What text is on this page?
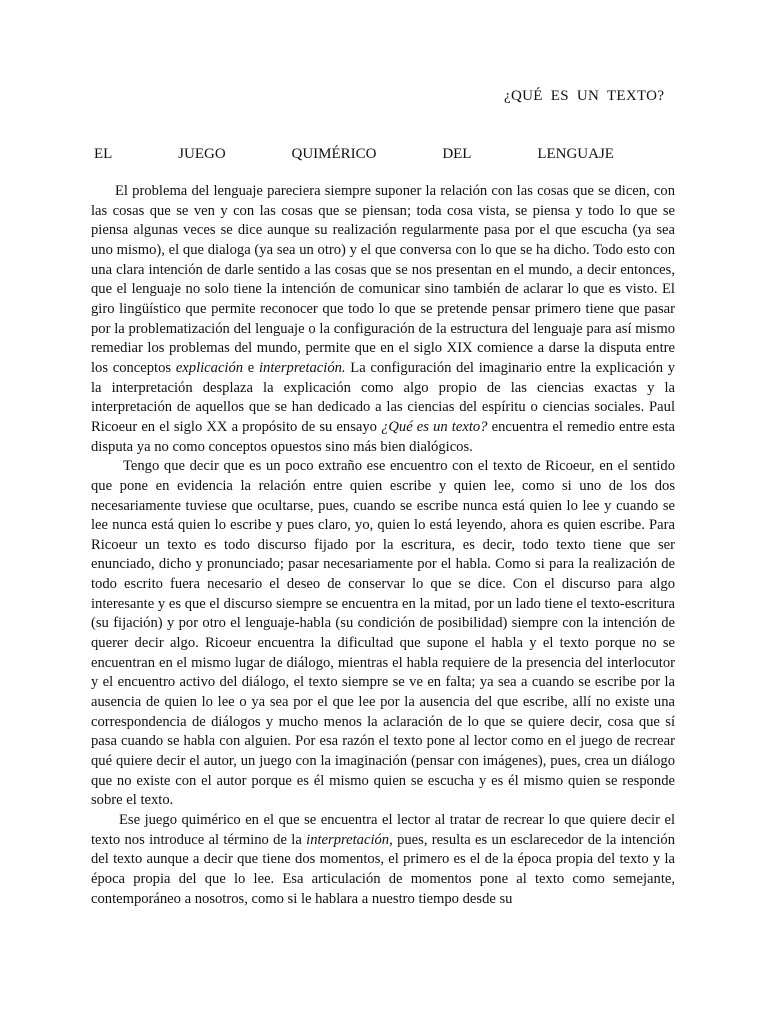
¿QUÉ ES UN TEXTO?
EL	JUEGO	QUIMÉRICO	DEL	LENGUAJE

El problema del lenguaje pareciera siempre suponer la relación con las cosas que se dicen, con las cosas que se ven y con las cosas que se piensan; toda cosa vista, se piensa y todo lo que se piensa algunas veces se dice aunque su realización regularmente pasa por el que escucha (ya sea uno mismo), el que dialoga (ya sea un otro) y el que conversa con lo que se ha dicho. Todo esto con una clara intención de darle sentido a las cosas que se nos presentan en el mundo, a decir entonces, que el lenguaje no solo tiene la intención de comunicar sino también de aclarar lo que es visto. El giro lingüístico que permite reconocer que todo lo que se pretende pensar primero tiene que pasar por la problematización del lenguaje o la configuración de la estructura del lenguaje para así mismo remediar los problemas del mundo, permite que en el siglo XIX comience a darse la disputa entre los conceptos explicación e interpretación. La configuración del imaginario entre la explicación y la interpretación desplaza la explicación como algo propio de las ciencias exactas y la interpretación de aquellos que se han dedicado a las ciencias del espíritu o ciencias sociales. Paul Ricoeur en el siglo XX a propósito de su ensayo ¿Qué es un texto? encuentra el remedio entre esta disputa ya no como conceptos opuestos sino más bien dialógicos.

Tengo que decir que es un poco extraño ese encuentro con el texto de Ricoeur, en el sentido que pone en evidencia la relación entre quien escribe y quien lee, como si uno de los dos necesariamente tuviese que ocultarse, pues, cuando se escribe nunca está quien lo lee y cuando se lee nunca está quien lo escribe y pues claro, yo, quien lo está leyendo, ahora es quien escribe. Para Ricoeur un texto es todo discurso fijado por la escritura, es decir, todo texto tiene que ser enunciado, dicho y pronunciado; pasar necesariamente por el habla. Como si para la realización de todo escrito fuera necesario el deseo de conservar lo que se dice. Con el discurso para algo interesante y es que el discurso siempre se encuentra en la mitad, por un lado tiene el texto-escritura (su fijación) y por otro el lenguaje-habla (su condición de posibilidad) siempre con la intención de querer decir algo. Ricoeur encuentra la dificultad que supone el habla y el texto porque no se encuentran en el mismo lugar de diálogo, mientras el habla requiere de la presencia del interlocutor y el encuentro activo del diálogo, el texto siempre se ve en falta; ya sea a cuando se escribe por la ausencia de quien lo lee o ya sea por el que lee por la ausencia del que escribe, allí no existe una correspondencia de diálogos y mucho menos la aclaración de lo que se quiere decir, cosa que sí pasa cuando se habla con alguien. Por esa razón el texto pone al lector como en el juego de recrear qué quiere decir el autor, un juego con la imaginación (pensar con imágenes), pues, crea un diálogo que no existe con el autor porque es él mismo quien se escucha y es él mismo quien se responde sobre el texto.

Ese juego quimérico en el que se encuentra el lector al tratar de recrear lo que quiere decir el texto nos introduce al término de la interpretación, pues, resulta es un esclarecedor de la intención del texto aunque a decir que tiene dos momentos, el primero es el de la época propia del texto y la época propia del que lo lee. Esa articulación de momentos pone al texto como semejante, contemporáneo a nosotros, como si le hablara a nuestro tiempo desde su
